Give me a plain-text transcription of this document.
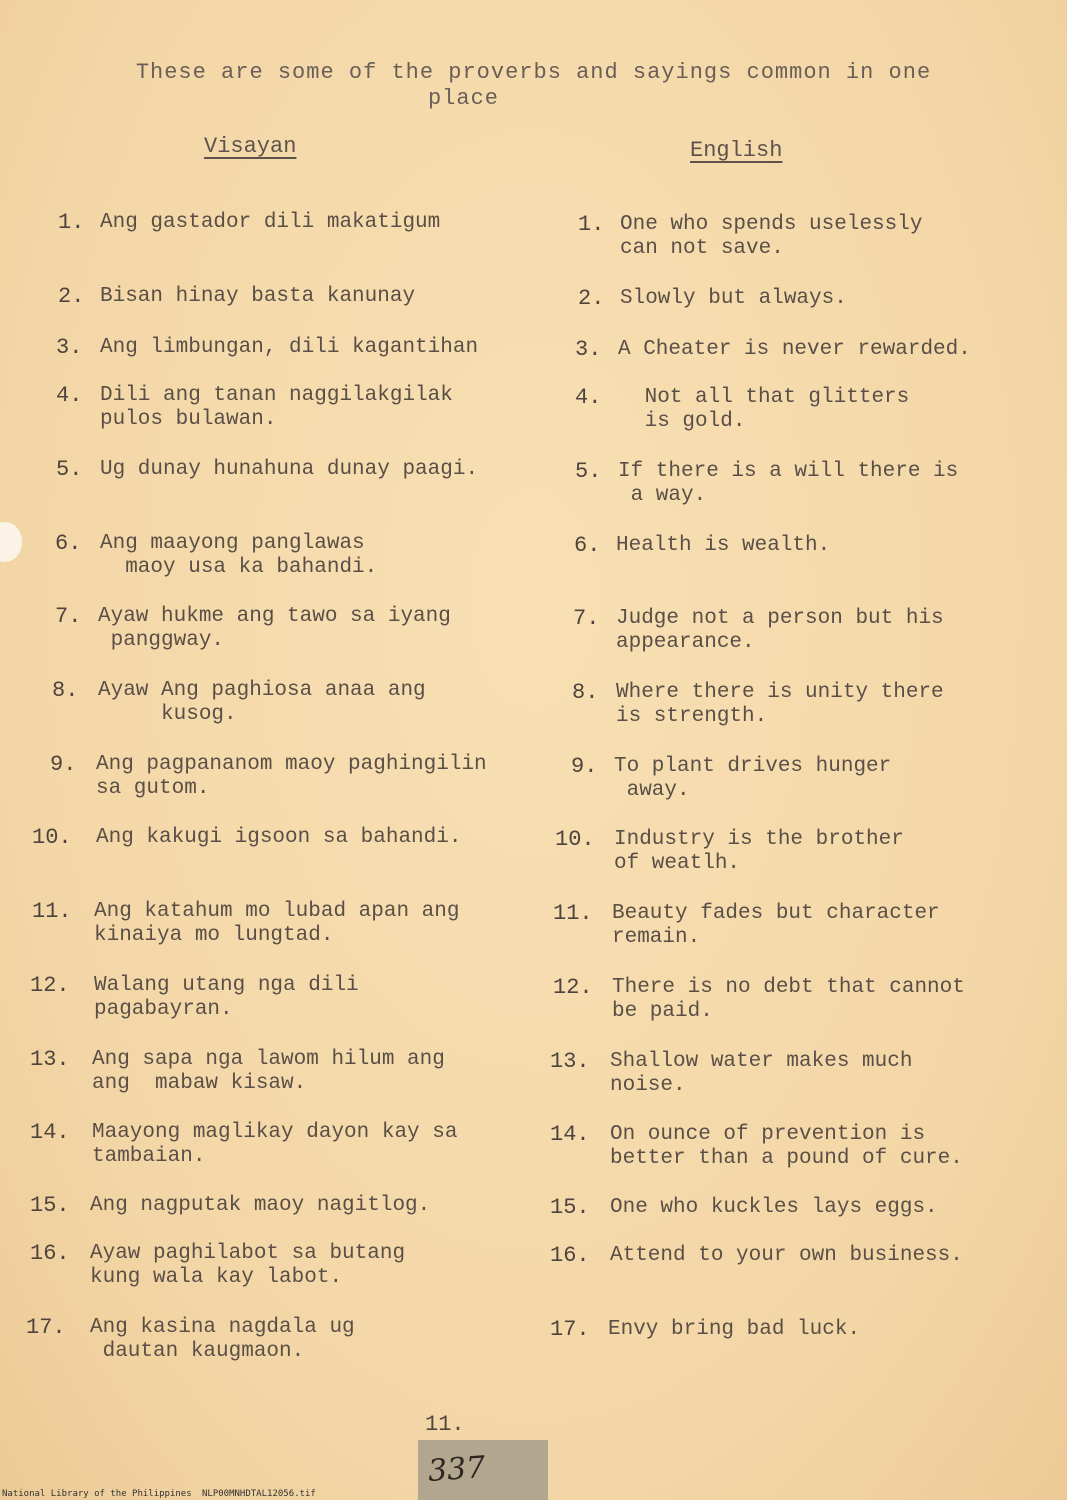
These are some of the proverbs and sayings common in one
place
Visayan	English
1. Ang gastador dili makatigum
2. Bisan hinay basta kanunay
3. Ang limbungan, dili kagantihan
4. Dili ang tanan naggilakgilak
pulos bulawan.
5. Ug dunay hunahuna dunay paagi.
6. Ang maayong panglawas
maoy usa ka bahandi.
7. Ayaw hukme ang tawo sa iyang
panggway.
8. Ayaw Ang paghiosa anaa ang
kusog.
9. Ang pagpananom maoy paghingilin
sa gutom.
10. Ang kakugi igsoon sa bahandi.
11. Ang katahum mo lubad apan ang
kinaiya mo lungtad.
12. Walang utang nga dili
pagabayran.
13. Ang sapa nga lawom hilum ang
ang  mabaw kisaw.
14. Maayong maglikay dayon kay sa
tambaian.
15. Ang nagputak maoy nagitlog.
16. Ayaw paghilabot sa butang
kung wala kay labot.
17. Ang kasina nagdala ug
dautan kaugmaon.
1. One who spends uselessly
can not save.
2. Slowly but always.
3. A Cheater is never rewarded.
4. Not all that glitters
is gold.
5. If there is a will there is
a way.
6. Health is wealth.
7. Judge not a person but his
appearance.
8. Where there is unity there
is strength.
9. To plant drives hunger
away.
10. Industry is the brother
of weatlh.
11. Beauty fades but character
remain.
12. There is no debt that cannot
be paid.
13. Shallow water makes much
noise.
14. On ounce of prevention is
better than a pound of cure.
15. One who kuckles lays eggs.
16. Attend to your own business.
17. Envy bring bad luck.
11.
337
National Library of the Philippines NLP00MNHDTAL12056.tif
